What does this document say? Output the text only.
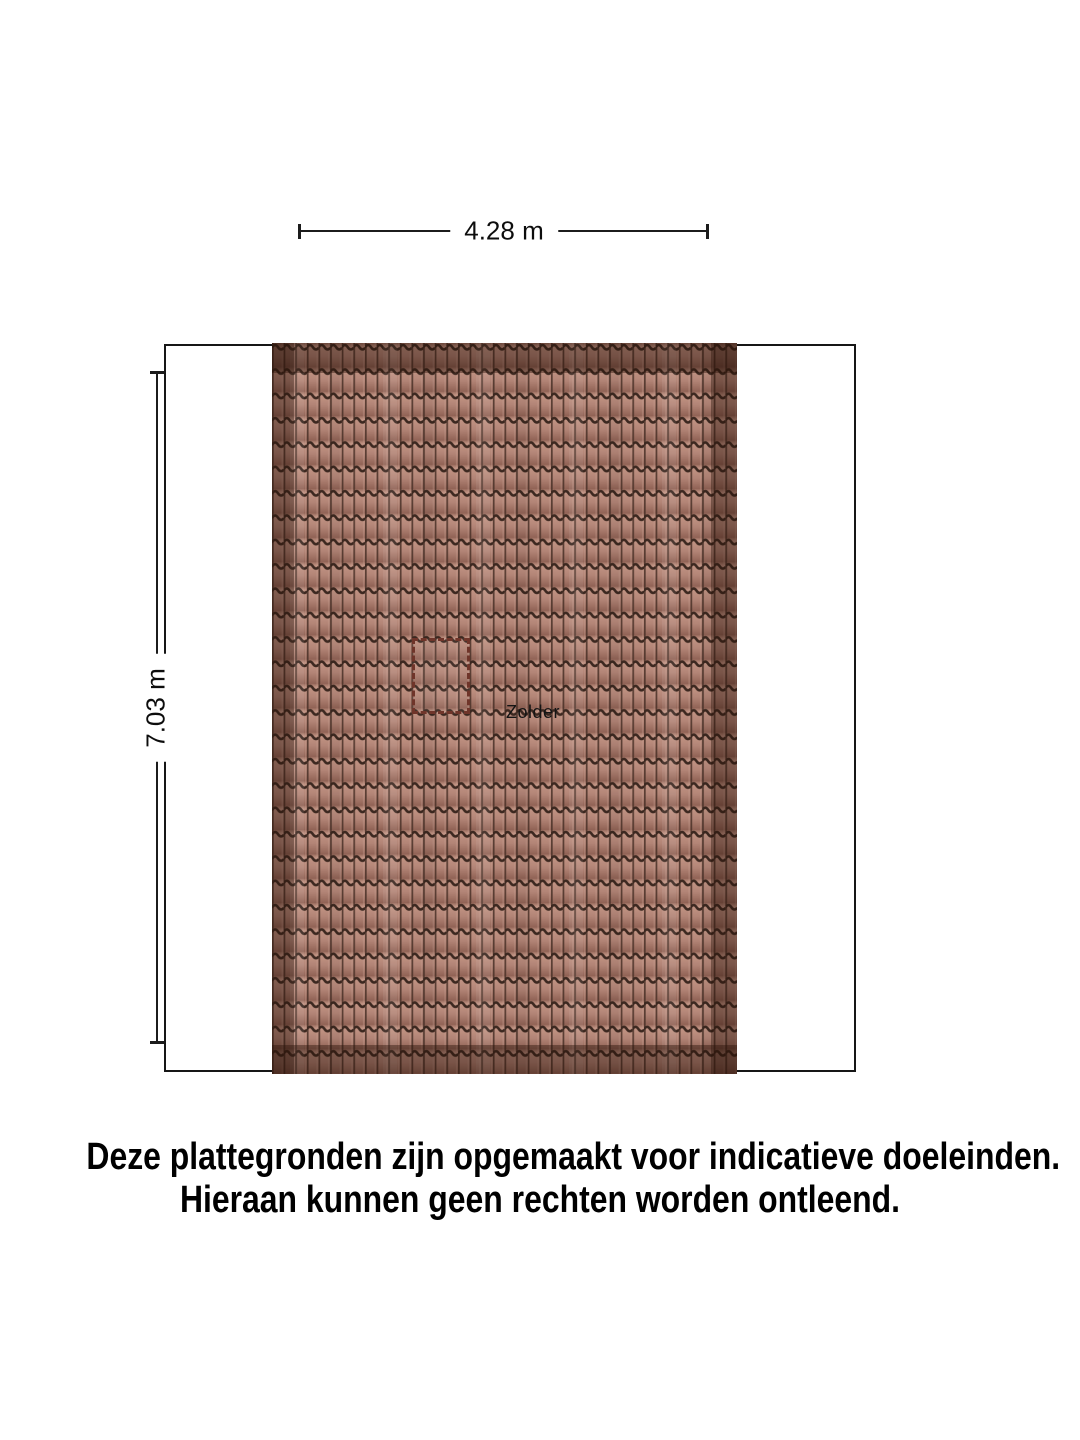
4.28 m
Zolder
7.03 m
Deze plattegronden zijn opgemaakt voor indicatieve doeleinden.
Hieraan kunnen geen rechten worden ontleend.
